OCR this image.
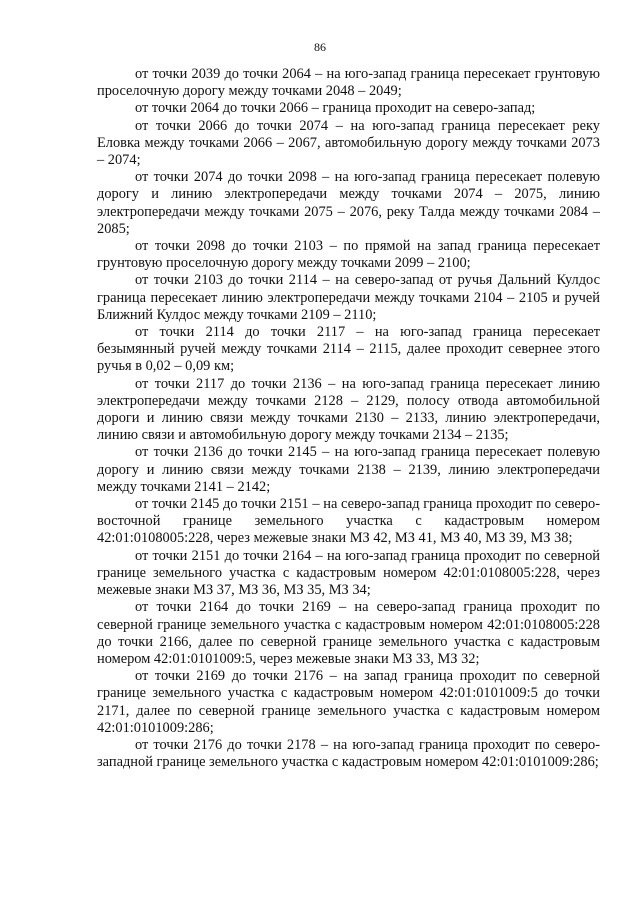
86

от точки 2039 до точки 2064 – на юго-запад граница пересекает грунтовую проселочную дорогу между точками 2048 – 2049;

от точки 2064 до точки 2066 – граница проходит на северо-запад;

от точки 2066 до точки 2074 – на юго-запад граница пересекает реку Еловка между точками 2066 – 2067, автомобильную дорогу между точками 2073 – 2074;

от точки 2074 до точки 2098 – на юго-запад граница пересекает полевую дорогу и линию электропередачи между точками 2074 – 2075, линию электропередачи между точками 2075 – 2076, реку Талда между точками 2084 – 2085;

от точки 2098 до точки 2103 – по прямой на запад граница пересекает грунтовую проселочную дорогу между точками 2099 – 2100;

от точки 2103 до точки 2114 – на северо-запад от ручья Дальний Кулдос граница пересекает линию электропередачи между точками 2104 – 2105 и ручей Ближний Кулдос между точками 2109 – 2110;

от точки 2114 до точки 2117 – на юго-запад граница пересекает безымянный ручей между точками 2114 – 2115, далее проходит севернее этого ручья в 0,02 – 0,09 км;

от точки 2117 до точки 2136 – на юго-запад граница пересекает линию электропередачи между точками 2128 – 2129, полосу отвода автомобильной дороги и линию связи между точками 2130 – 2133, линию электропередачи, линию связи и автомобильную дорогу между точками 2134 – 2135;

от точки 2136 до точки 2145 – на юго-запад граница пересекает полевую дорогу и линию связи между точками 2138 – 2139, линию электропередачи между точками 2141 – 2142;

от точки 2145 до точки 2151 – на северо-запад граница проходит по северо-восточной границе земельного участка с кадастровым номером 42:01:0108005:228, через межевые знаки МЗ 42, МЗ 41, МЗ 40, МЗ 39, МЗ 38;

от точки 2151 до точки 2164 – на юго-запад граница проходит по северной границе земельного участка с кадастровым номером 42:01:0108005:228, через межевые знаки МЗ 37, МЗ 36, МЗ 35, МЗ 34;

от точки 2164 до точки 2169 – на северо-запад граница проходит по северной границе земельного участка с кадастровым номером 42:01:0108005:228 до точки 2166, далее по северной границе земельного участка с кадастровым номером 42:01:0101009:5, через межевые знаки МЗ 33, МЗ 32;

от точки 2169 до точки 2176 – на запад граница проходит по северной границе земельного участка с кадастровым номером 42:01:0101009:5 до точки 2171, далее по северной границе земельного участка с кадастровым номером 42:01:0101009:286;

от точки 2176 до точки 2178 – на юго-запад граница проходит по северо-западной границе земельного участка с кадастровым номером 42:01:0101009:286;
